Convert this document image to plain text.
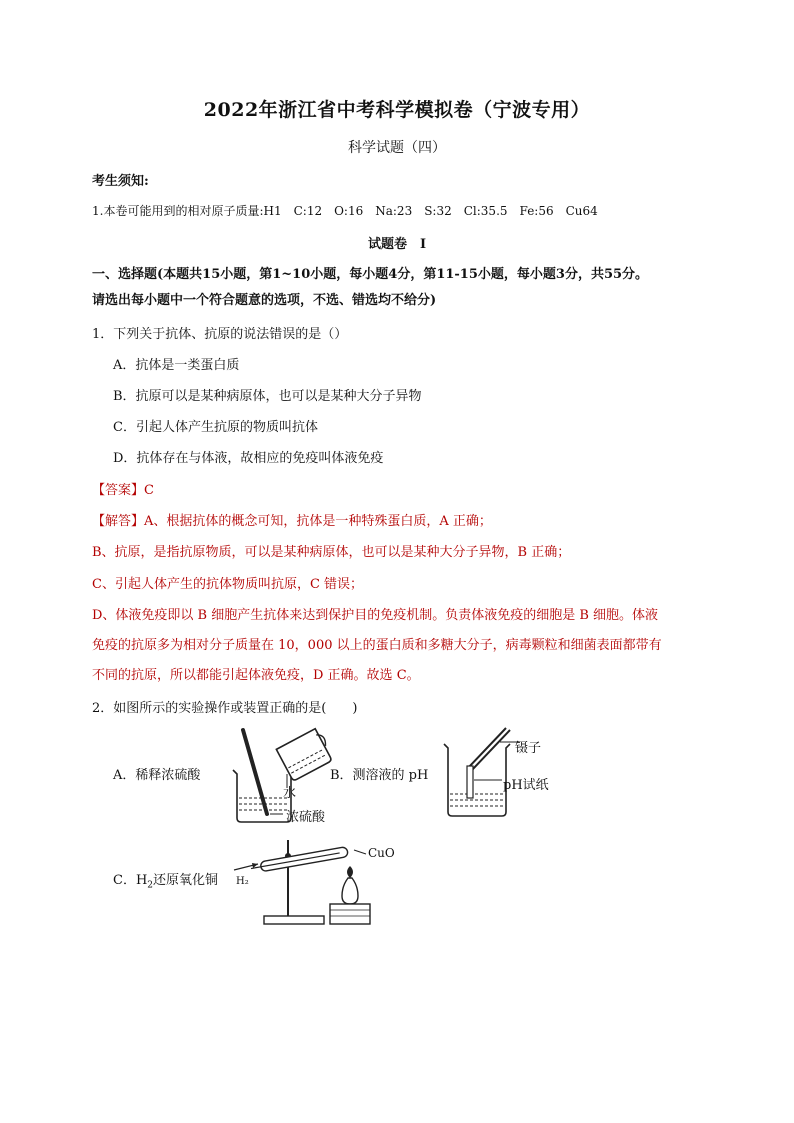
2022年浙江省中考科学模拟卷（宁波专用）
科学试题（四）
考生须知:
1.本卷可能用到的相对原子质量:H1　C:12　O:16　Na:23　S:32　Cl:35.5　Fe:56　Cu64
试题卷　I
一、选择题(本题共15小题，第1~10小题，每小题4分，第11-15小题，每小题3分，共55分。
请选出每小题中一个符合题意的选项，不选、错选均不给分)
1．下列关于抗体、抗原的说法错误的是（）
A．抗体是一类蛋白质
B．抗原可以是某种病原体，也可以是某种大分子异物
C．引起人体产生抗原的物质叫抗体
D．抗体存在与体液，故相应的免疫叫体液免疫
【答案】C
【解答】A、根据抗体的概念可知，抗体是一种特殊蛋白质，A 正确；
B、抗原，是指抗原物质，可以是某种病原体，也可以是某种大分子异物，B 正确；
C、引起人体产生的抗体物质叫抗原，C 错误；
D、体液免疫即以 B 细胞产生抗体来达到保护目的免疫机制。负责体液免疫的细胞是 B 细胞。体液
免疫的抗原多为相对分子质量在 10，000 以上的蛋白质和多糖大分子，病毒颗粒和细菌表面都带有
不同的抗原，所以都能引起体液免疫，D 正确。故选 C。
2．如图所示的实验操作或装置正确的是(　　)
A．稀释浓硫酸
水
浓硫酸
B．测溶液的 pH
镊子
pH试纸
C．$H_2$还原氧化铜
CuO
H₂
